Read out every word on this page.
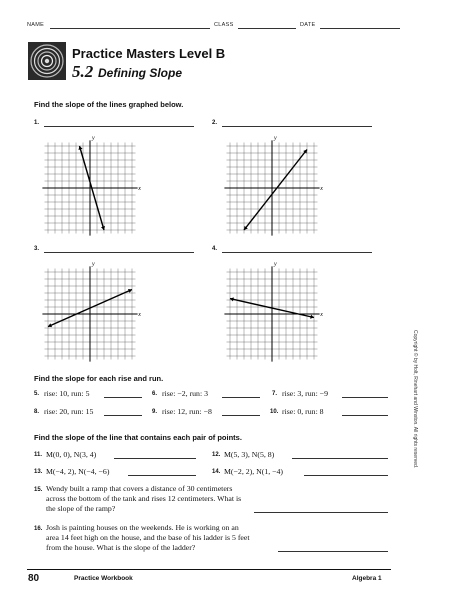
NAME	CLASS	DATE
Practice Masters Level B
5.2 Defining Slope
Find the slope of the lines graphed below.
1.	2.
3.	4.
x
y
x
y
x
y
x
y
Find the slope for each rise and run.
5. rise: 10, run: 5	6. rise: −2, run: 3	7. rise: 3, run: −9
8. rise: 20, run: 15	9. rise: 12, run: −8	10. rise: 0, run: 8
Find the slope of the line that contains each pair of points.
11. M(0, 0), N(3, 4)	12. M(5, 3), N(5, 8)
13. M(−4, 2), N(−4, −6)	14. M(−2, 2), N(1, −4)
15. Wendy built a ramp that covers a distance of 30 centimeters
across the bottom of the tank and rises 12 centimeters. What is
the slope of the ramp?
16. Josh is painting houses on the weekends. He is working on an
area 14 feet high on the house, and the base of his ladder is 5 feet
from the house. What is the slope of the ladder?
Copyright © by Holt, Rinehart and Winston. All rights reserved.
80	Practice Workbook	Algebra 1
